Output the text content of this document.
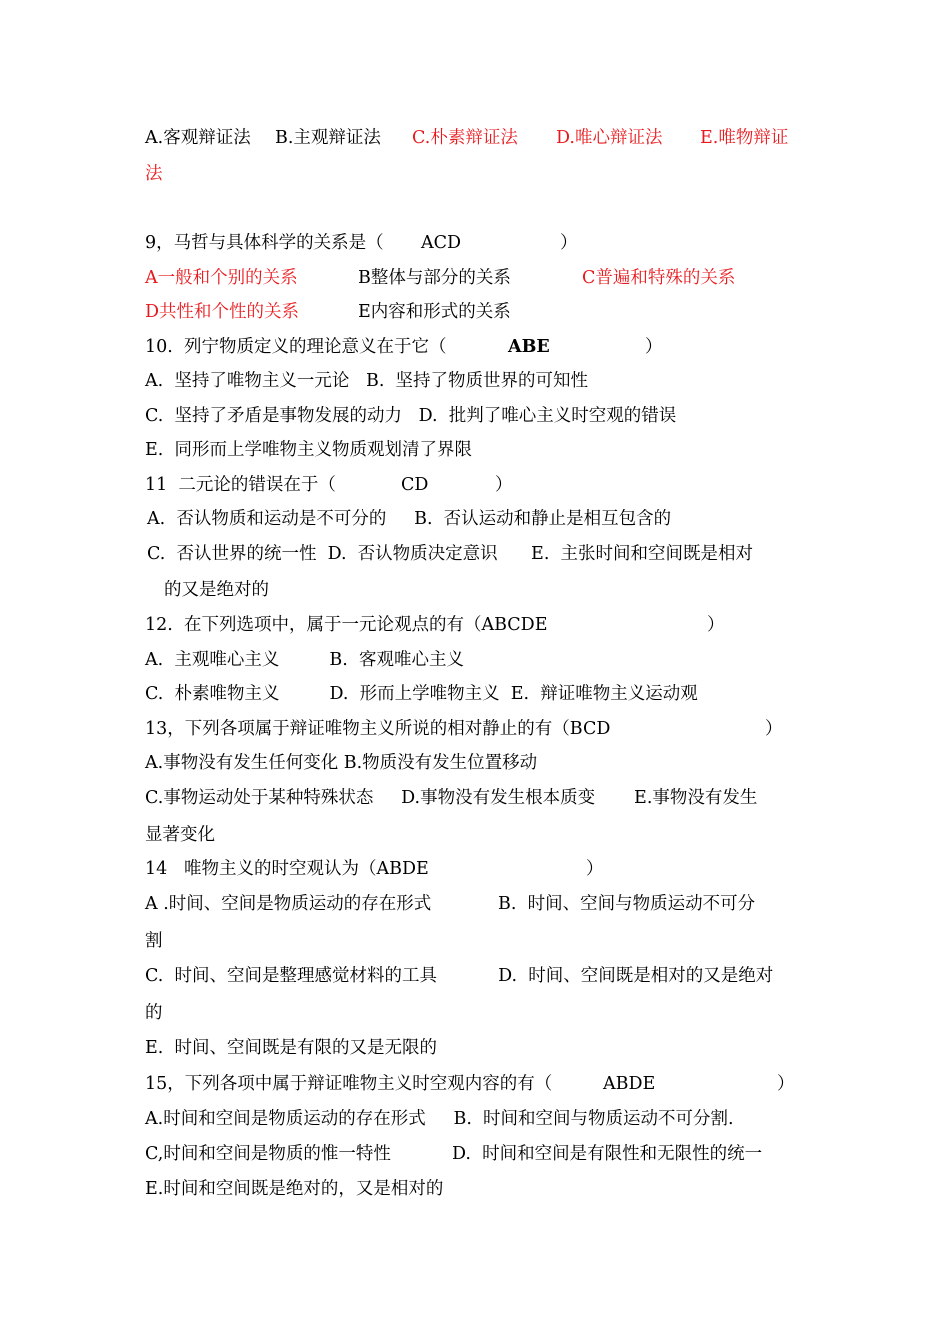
A.客观辩证法 B.主观辩证法 C.朴素辩证法 D.唯心辩证法 E.唯物辩证
法
9，马哲与具体科学的关系是（ ACD	）
A一般和个别的关系	B整体与部分的关系	C普遍和特殊的关系
D共性和个性的关系	E内容和形式的关系
10.  列宁物质定义的理论意义在于它（	ABE	）
A.  坚持了唯物主义一元论   B.  坚持了物质世界的可知性
C.  坚持了矛盾是事物发展的动力   D.  批判了唯心主义时空观的错误
E.  同形而上学唯物主义物质观划清了界限
11  二元论的错误在于（	CD	）
A.  否认物质和运动是不可分的     B.  否认运动和静止是相互包含的
C.  否认世界的统一性  D.  否认物质决定意识      E.  主张时间和空间既是相对
的又是绝对的
12.  在下列选项中，属于一元论观点的有（ABCDE	）
A.  主观唯心主义         B.  客观唯心主义
C.  朴素唯物主义         D.  形而上学唯物主义  E.  辩证唯物主义运动观
13，下列各项属于辩证唯物主义所说的相对静止的有（BCD	）
A.事物没有发生任何变化 B.物质没有发生位置移动
C.事物运动处于某种特殊状态     D.事物没有发生根本质变       E.事物没有发生
显著变化
14   唯物主义的时空观认为（ABDE	）
A .时间、空间是物质运动的存在形式            B.  时间、空间与物质运动不可分
割
C.  时间、空间是整理感觉材料的工具           D.  时间、空间既是相对的又是绝对
的
E.  时间、空间既是有限的又是无限的
15，下列各项中属于辩证唯物主义时空观内容的有（	ABDE	）
A.时间和空间是物质运动的存在形式     B.  时间和空间与物质运动不可分割.
C,时间和空间是物质的惟一特性           D.  时间和空间是有限性和无限性的统一
E.时间和空间既是绝对的，又是相对的
